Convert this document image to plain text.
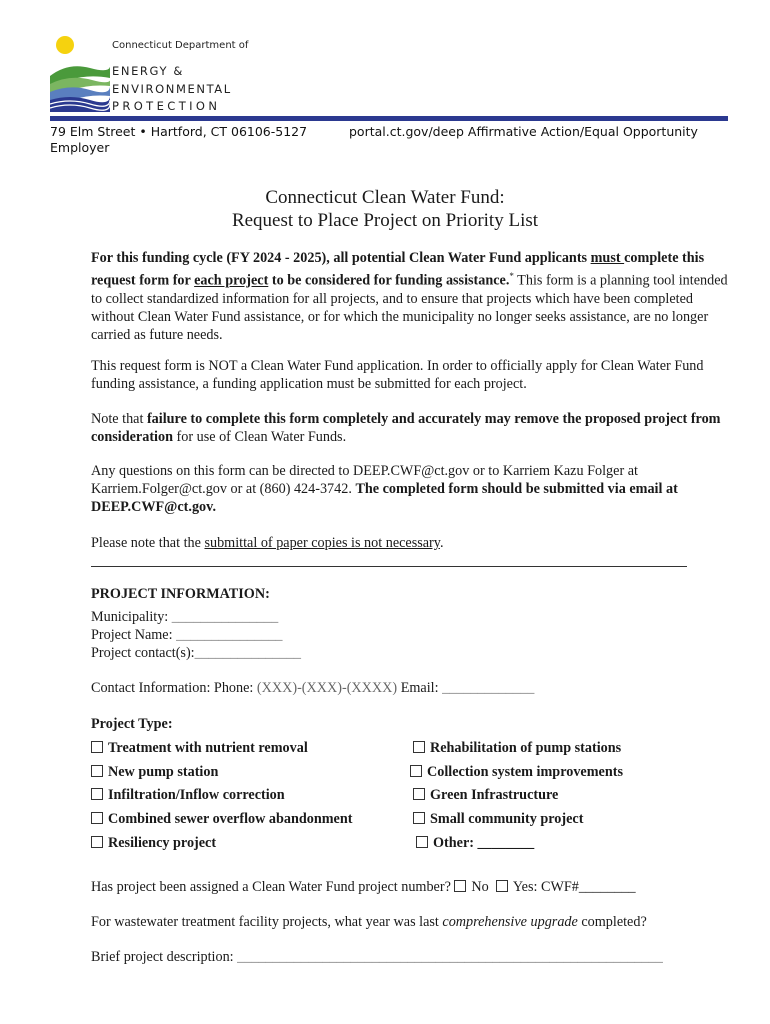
Connecticut Department of
ENERGY &
ENVIRONMENTAL
PROTECTION
79 Elm Street • Hartford, CT 06106-5127	portal.ct.gov/deep Affirmative Action/Equal Opportunity
Employer
Connecticut Clean Water Fund:
Request to Place Project on Priority List
For this funding cycle (FY 2024 - 2025), all potential Clean Water Fund applicants must complete this request form for each project to be considered for funding assistance.* This form is a planning tool intended to collect standardized information for all projects, and to ensure that projects which have been completed without Clean Water Fund assistance, or for which the municipality no longer seeks assistance, are no longer carried as future needs.
This request form is NOT a Clean Water Fund application. In order to officially apply for Clean Water Fund funding assistance, a funding application must be submitted for each project.
Note that failure to complete this form completely and accurately may remove the proposed project from consideration for use of Clean Water Funds.
Any questions on this form can be directed to DEEP.CWF@ct.gov or to Karriem Kazu Folger at Karriem.Folger@ct.gov or at (860) 424-3742. The completed form should be submitted via email at DEEP.CWF@ct.gov.
Please note that the submittal of paper copies is not necessary.
PROJECT INFORMATION:
Municipality: _______________
Project Name: _______________
Project contact(s):_______________
Contact Information: Phone: (XXX)-(XXX)-(XXXX) Email: _____________
Project Type:
Treatment with nutrient removal
New pump station
Infiltration/Inflow correction
Combined sewer overflow abandonment
Resiliency project
Rehabilitation of pump stations
Collection system improvements
Green Infrastructure
Small community project
Other: ________
Has project been assigned a Clean Water Fund project number? No Yes: CWF#________
For wastewater treatment facility projects, what year was last comprehensive upgrade completed?
Brief project description: ____________________________________________________________
